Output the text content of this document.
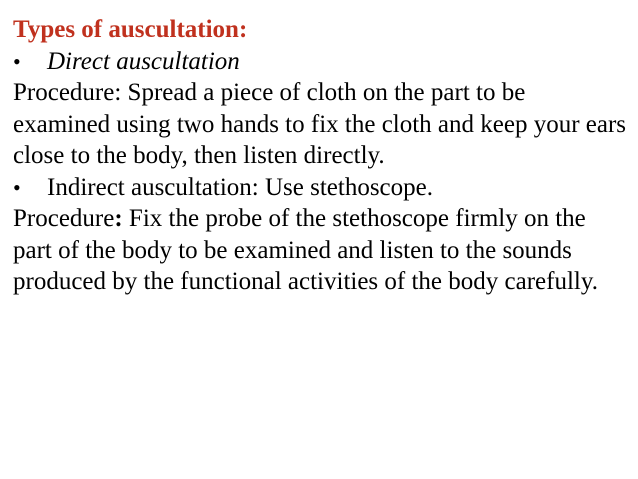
Types of auscultation:

•	Direct auscultation

Procedure: Spread a piece of cloth on the part to be examined using two hands to fix the cloth and keep your ears close to the body, then listen directly.

•	Indirect auscultation: Use stethoscope.

Procedure: Fix the probe of the stethoscope firmly on the part of the body to be examined and listen to the sounds produced by the functional activities of the body carefully.
